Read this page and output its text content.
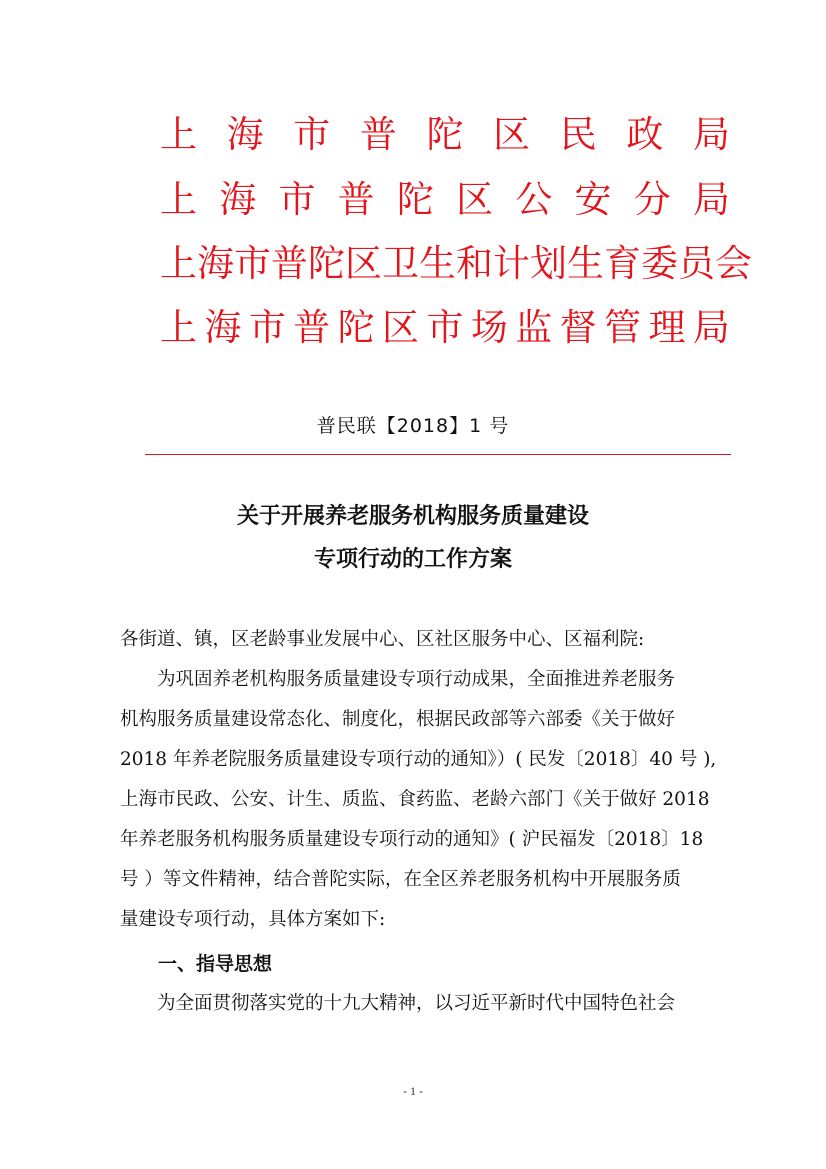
上 海 市 普 陀 区 民 政 局
上 海 市 普 陀 区 公 安 分 局
上 海 市 普 陀 区 卫 生 和 计 划 生 育 委 员 会
上 海 市 普 陀 区 市 场 监 督 管 理 局
普民联【2018】1 号
关于开展养老服务机构服务质量建设
专项行动的工作方案
各街道、镇，区老龄事业发展中心、区社区服务中心、区福利院:
　　为巩固养老机构服务质量建设专项行动成果，全面推进养老服务
机构服务质量建设常态化、制度化，根据民政部等六部委《关于做好
2018 年养老院服务质量建设专项行动的通知》）( 民发〔2018〕40 号 ),
上海市民政、公安、计生、质监、食药监、老龄六部门《关于做好 2018
年养老服务机构服务质量建设专项行动的通知》( 沪民福发〔2018〕18
号 ）等文件精神，结合普陀实际，在全区养老服务机构中开展服务质
量建设专项行动，具体方案如下:
一、指导思想
　　为全面贯彻落实党的十九大精神，以习近平新时代中国特色社会
- 1 -
